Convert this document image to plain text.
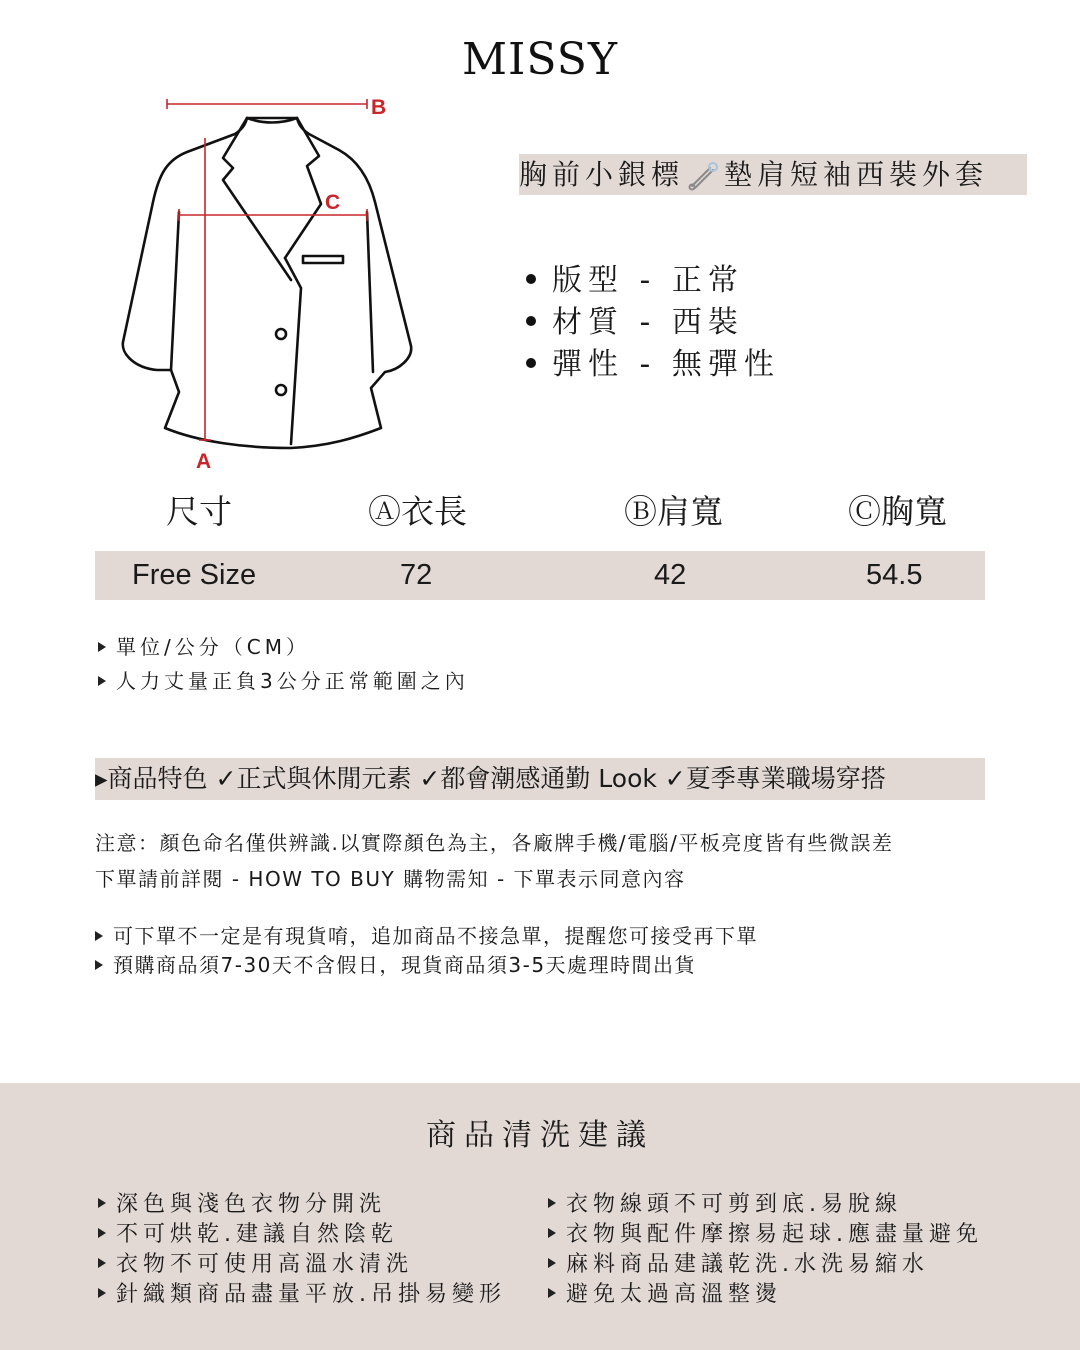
MISSY
B
C
A
胸前小銀標 墊肩短袖西裝外套
版型 - 正常
材質 - 西裝
彈性 - 無彈性
尺寸	Ⓐ衣長	Ⓑ肩寬	Ⓒ胸寬
Free Size	72	42	54.5
單位/公分（CM）
人力丈量正負3公分正常範圍之內
▸商品特色 ✓正式與休閒元素 ✓都會潮感通勤 Look ✓夏季專業職場穿搭
注意：顏色命名僅供辨識.以實際顏色為主，各廠牌手機/電腦/平板亮度皆有些微誤差
下單請前詳閱 - HOW TO BUY 購物需知 - 下單表示同意內容
可下單不一定是有現貨唷，追加商品不接急單，提醒您可接受再下單
預購商品須7-30天不含假日，現貨商品須3-5天處理時間出貨
商品清洗建議
深色與淺色衣物分開洗
不可烘乾.建議自然陰乾
衣物不可使用高溫水清洗
針織類商品盡量平放.吊掛易變形
衣物線頭不可剪到底.易脫線
衣物與配件摩擦易起球.應盡量避免
麻料商品建議乾洗.水洗易縮水
避免太過高溫整燙
